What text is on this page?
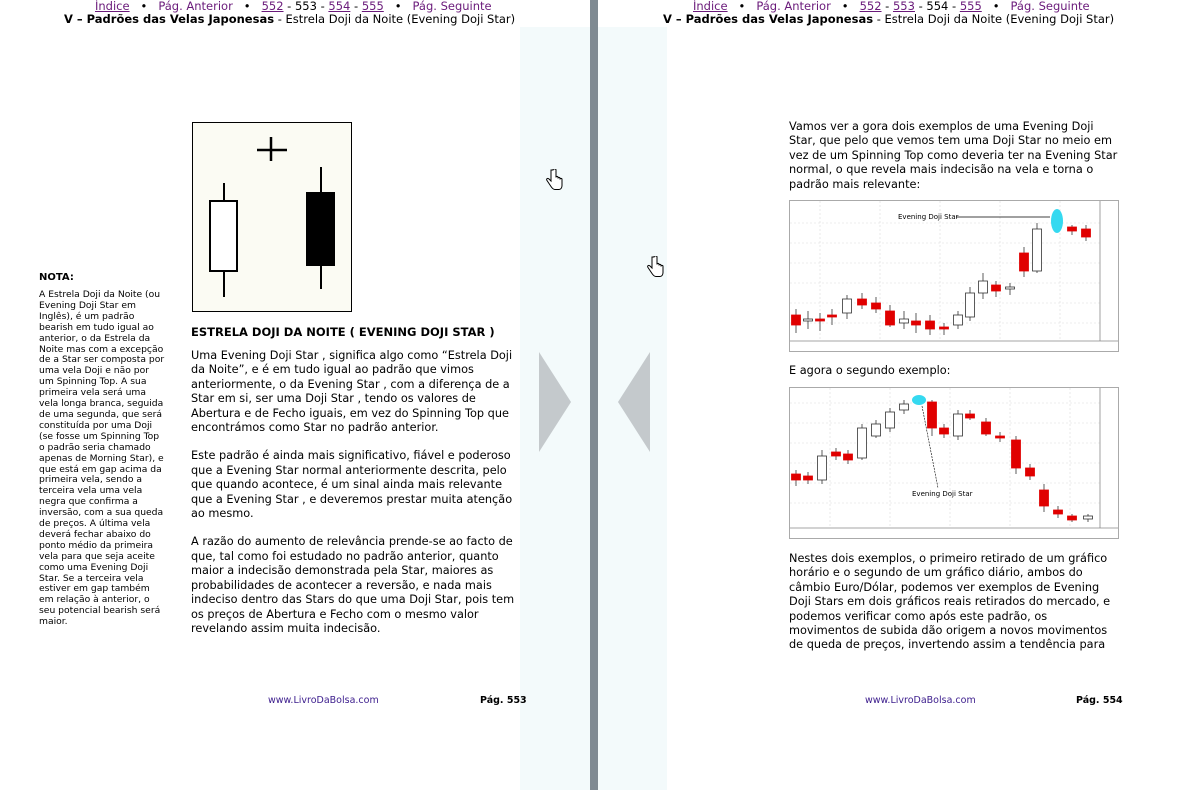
Índice • Pág. Anterior • 552 - 553 - 554 - 555 • Pág. Seguinte
V – Padrões das Velas Japonesas - Estrela Doji da Noite (Evening Doji Star)
NOTA:
A Estrela Doji da Noite (ou Evening Doji Star em Inglês), é um padrão bearish em tudo igual ao anterior, o da Estrela da Noite mas com a excepção de a Star ser composta por uma vela Doji e não por um Spinning Top. A sua primeira vela será uma vela longa branca, seguida de uma segunda, que será constituída por uma Doji (se fosse um Spinning Top o padrão seria chamado apenas de Morning Star), e que está em gap acima da primeira vela, sendo a terceira vela uma vela negra que confirma a inversão, com a sua queda de preços. A última vela deverá fechar abaixo do ponto médio da primeira vela para que seja aceite como uma Evening Doji Star. Se a terceira vela estiver em gap também em relação à anterior, o seu potencial bearish será maior.
ESTRELA DOJI DA NOITE ( EVENING DOJI STAR )

Uma Evening Doji Star , significa algo como “Estrela Doji da Noite”, e é em tudo igual ao padrão que vimos anteriormente, o da Evening Star , com a diferença de a Star em si, ser uma Doji Star , tendo os valores de Abertura e de Fecho iguais, em vez do Spinning Top que encontrámos como Star no padrão anterior.

Este padrão é ainda mais significativo, fiável e poderoso que a Evening Star normal anteriormente descrita, pelo que quando acontece, é um sinal ainda mais relevante que a Evening Star , e deveremos prestar muita atenção ao mesmo.

A razão do aumento de relevância prende-se ao facto de que, tal como foi estudado no padrão anterior, quanto maior a indecisão demonstrada pela Star, maiores as probabilidades de acontecer a reversão, e nada mais indeciso dentro das Stars do que uma Doji Star, pois tem os preços de Abertura e Fecho com o mesmo valor revelando assim muita indecisão.

www.LivroDaBolsa.com	Pág. 553
Índice • Pág. Anterior • 552 - 553 - 554 - 555 • Pág. Seguinte
V – Padrões das Velas Japonesas - Estrela Doji da Noite (Evening Doji Star)
Vamos ver a gora dois exemplos de uma Evening Doji Star, que pelo que vemos tem uma Doji Star no meio em vez de um Spinning Top como deveria ter na Evening Star normal, o que revela mais indecisão na vela e torna o padrão mais relevante:
Evening Doji Star
E agora o segundo exemplo:
Evening Doji Star
Nestes dois exemplos, o primeiro retirado de um gráfico horário e o segundo de um gráfico diário, ambos do câmbio Euro/Dólar, podemos ver exemplos de Evening Doji Stars em dois gráficos reais retirados do mercado, e podemos verificar como após este padrão, os movimentos de subida dão origem a novos movimentos de queda de preços, invertendo assim a tendência para
www.LivroDaBolsa.com	Pág. 554
